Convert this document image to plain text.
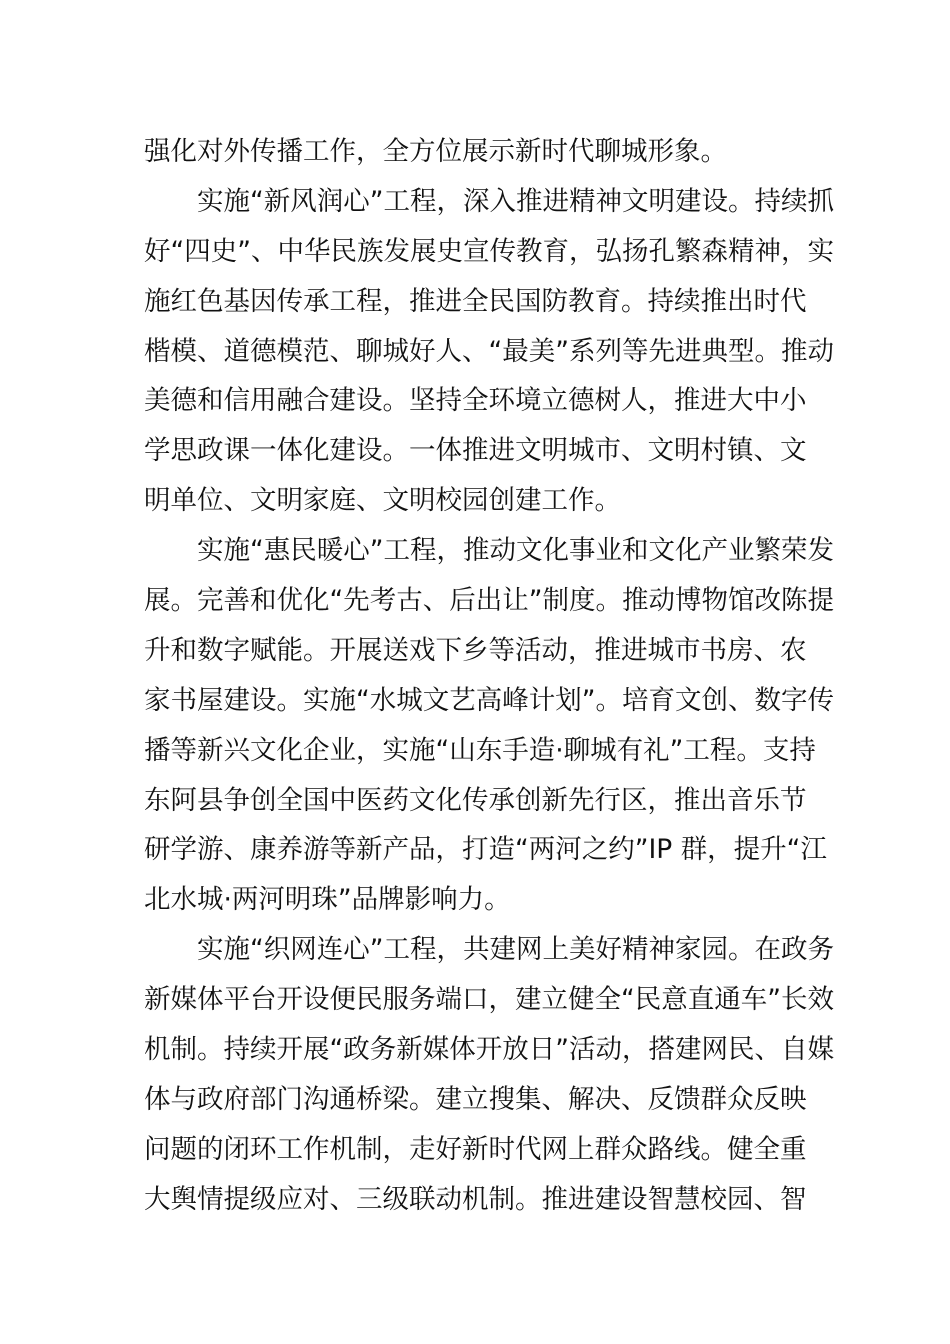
强化对外传播工作，全方位展示新时代聊城形象。
实施“新风润心”工程，深入推进精神文明建设。持续抓
好“四史”、中华民族发展史宣传教育，弘扬孔繁森精神，实
施红色基因传承工程，推进全民国防教育。持续推出时代
楷模、道德模范、聊城好人、“最美”系列等先进典型。推动
美德和信用融合建设。坚持全环境立德树人，推进大中小
学思政课一体化建设。一体推进文明城市、文明村镇、文
明单位、文明家庭、文明校园创建工作。
实施“惠民暖心”工程，推动文化事业和文化产业繁荣发
展。完善和优化“先考古、后出让”制度。推动博物馆改陈提
升和数字赋能。开展送戏下乡等活动，推进城市书房、农
家书屋建设。实施“水城文艺高峰计划”。培育文创、数字传
播等新兴文化企业，实施“山东手造·聊城有礼”工程。支持
东阿县争创全国中医药文化传承创新先行区，推出音乐节
研学游、康养游等新产品，打造“两河之约”IP 群，提升“江
北水城·两河明珠”品牌影响力。
实施“织网连心”工程，共建网上美好精神家园。在政务
新媒体平台开设便民服务端口，建立健全“民意直通车”长效
机制。持续开展“政务新媒体开放日”活动，搭建网民、自媒
体与政府部门沟通桥梁。建立搜集、解决、反馈群众反映
问题的闭环工作机制，走好新时代网上群众路线。健全重
大舆情提级应对、三级联动机制。推进建设智慧校园、智
